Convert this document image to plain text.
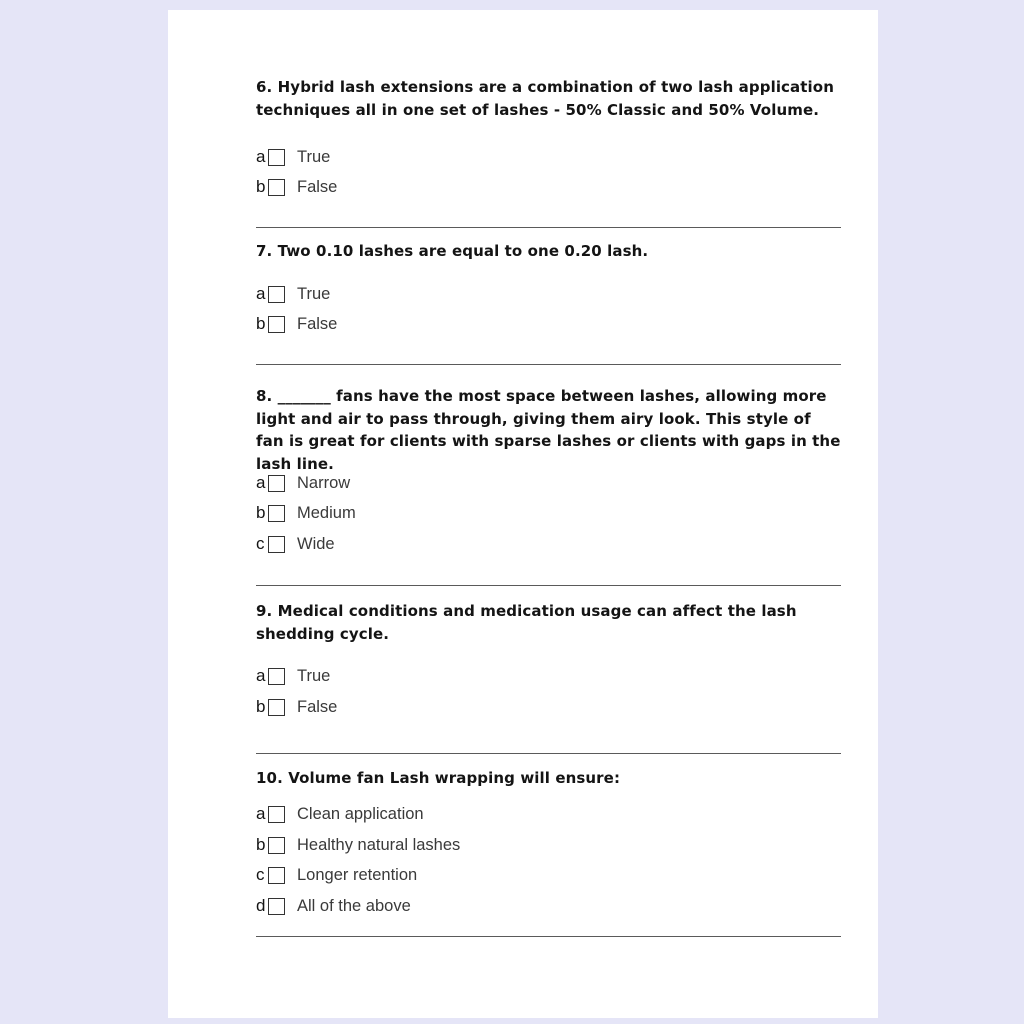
6. Hybrid lash extensions are a combination of two lash application techniques all in one set of lashes - 50% Classic and 50% Volume.

a True
b False

7. Two 0.10 lashes are equal to one 0.20 lash.

a True
b False

8. _______ fans have the most space between lashes, allowing more light and air to pass through, giving them airy look. This style of fan is great for clients with sparse lashes or clients with gaps in the lash line.

a Narrow
b Medium
c Wide

9. Medical conditions and medication usage can affect the lash shedding cycle.

a True
b False

10. Volume fan Lash wrapping will ensure:

a Clean application
b Healthy natural lashes
c Longer retention
d All of the above
